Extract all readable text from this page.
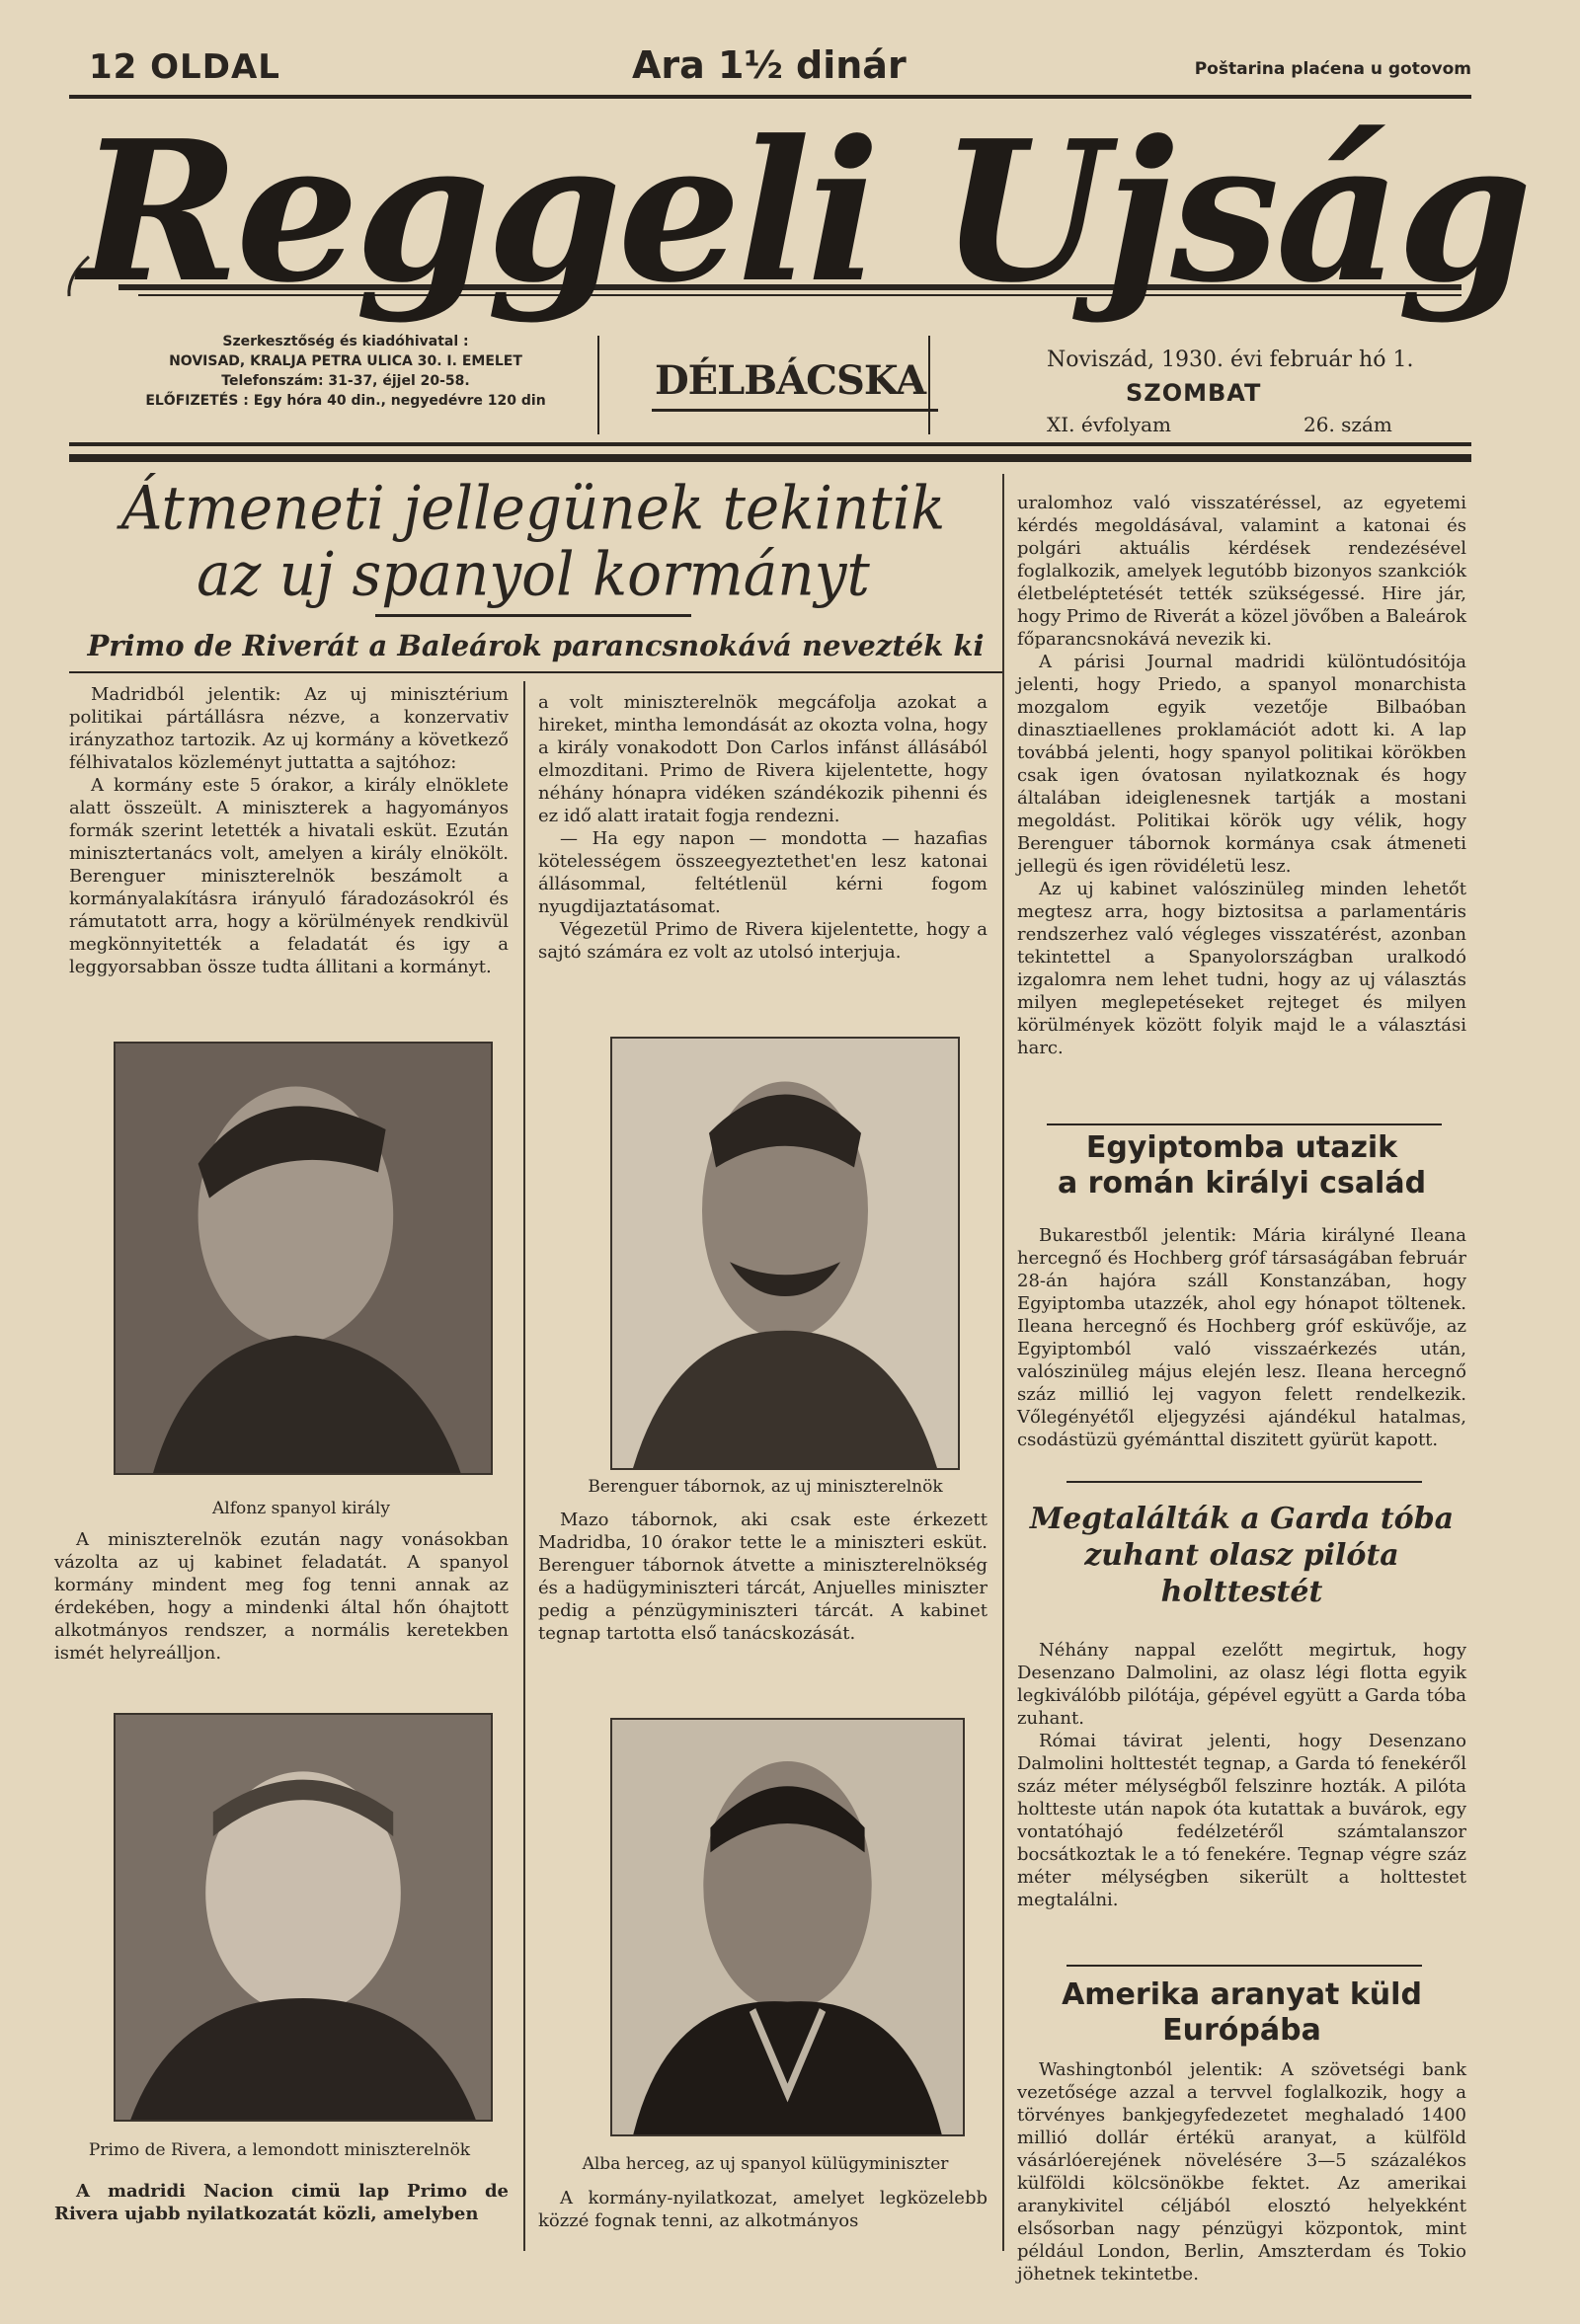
12 OLDAL	Ara 1½ dinár	Poštarina plaćena u gotovom
Reggeli Ujság
Szerkesztőség és kiadóhivatal :
NOVISAD, KRALJA PETRA ULICA 30. I. EMELET
Telefonszám: 31-37, éjjel 20-58.
ELŐFIZETÉS : Egy hóra 40 din., negyedévre 120 din	DÉLBÁCSKA	Noviszád, 1930. évi február hó 1.
SZOMBAT
XI. évfolyam	26. szám
Átmeneti jellegünek tekintik
az uj spanyol kormányt
Primo de Riverát a Baleárok parancsnokává nevezték ki

Madridból jelentik: Az uj minisztérium politikai pártállásra nézve, a konzervativ irányzathoz tartozik. Az uj kormány a következő félhivatalos közleményt juttatta a sajtóhoz:

A kormány este 5 órakor, a király elnöklete alatt összeült. A miniszterek a hagyományos formák szerint letették a hivatali esküt. Ezután minisztertanács volt, amelyen a király elnökölt. Berenguer miniszterelnök beszámolt a kormányalakításra irányuló fáradozásokról és rámutatott arra, hogy a körülmények rendkivül megkönnyitették a feladatát és igy a leggyorsabban össze tudta állitani a kormányt.

a volt miniszterelnök megcáfolja azokat a hireket, mintha lemondását az okozta volna, hogy a király vonakodott Don Carlos infánst állásából elmozditani. Primo de Rivera kijelentette, hogy néhány hónapra vidéken szándékozik pihenni és ez idő alatt iratait fogja rendezni.

— Ha egy napon — mondotta — hazafias kötelességem összeegyeztethet'en lesz katonai állásommal, feltétlenül kérni fogom nyugdijaztatásomat.

Végezetül Primo de Rivera kijelentette, hogy a sajtó számára ez volt az utolsó interjuja.

uralomhoz való visszatéréssel, az egyetemi kérdés megoldásával, valamint a katonai és polgári aktuális kérdések rendezésével foglalkozik, amelyek legutóbb bizonyos szankciók életbeléptetését tették szükségessé. Hire jár, hogy Primo de Riverát a közel jövőben a Baleárok főparancsnokává nevezik ki.

A párisi Journal madridi különtudósitója jelenti, hogy Priedo, a spanyol monarchista mozgalom egyik vezetője Bilbaóban dinasztiaellenes proklamációt adott ki. A lap továbbá jelenti, hogy spanyol politikai körökben csak igen óvatosan nyilatkoznak és hogy általában ideiglenesnek tartják a mostani megoldást. Politikai körök ugy vélik, hogy Berenguer tábornok kormánya csak átmeneti jellegü és igen rövidéletü lesz.

Az uj kabinet valószinüleg minden lehetőt megtesz arra, hogy biztositsa a parlamentáris rendszerhez való végleges visszatérést, azonban tekintettel a Spanyolországban uralkodó izgalomra nem lehet tudni, hogy az uj választás milyen meglepetéseket rejteget és milyen körülmények között folyik majd le a választási harc.

Alfonz spanyol király
Berenguer tábornok, az uj miniszterelnök
Primo de Rivera, a lemondott miniszterelnök
Alba herceg, az uj spanyol külügyminiszter

A miniszterelnök ezután nagy vonásokban vázolta az uj kabinet feladatát. A spanyol kormány mindent meg fog tenni annak az érdekében, hogy a mindenki által hőn óhajtott alkotmányos rendszer, a normális keretekben ismét helyreálljon.

A madridi Nacion cimü lap Primo de Rivera ujabb nyilatkozatát közli, amelyben

Mazo tábornok, aki csak este érkezett Madridba, 10 órakor tette le a miniszteri esküt. Berenguer tábornok átvette a miniszterelnökség és a hadügyminiszteri tárcát, Anjuelles miniszter pedig a pénzügyminiszteri tárcát. A kabinet tegnap tartotta első tanácskozását.

A kormány-nyilatkozat, amelyet legközelebb közzé fognak tenni, az alkotmányos

Egyiptomba utazik
a román királyi család

Bukarestből jelentik: Mária királyné Ileana hercegnő és Hochberg gróf társaságában február 28-án hajóra száll Konstanzában, hogy Egyiptomba utazzék, ahol egy hónapot töltenek. Ileana hercegnő és Hochberg gróf esküvője, az Egyiptomból való visszaérkezés után, valószinüleg május elején lesz. Ileana hercegnő száz millió lej vagyon felett rendelkezik. Vőlegényétől eljegyzési ajándékul hatalmas, csodástüzü gyémánttal diszitett gyürüt kapott.

Megtalálták a Garda tóba
zuhant olasz pilóta
holttestét

Néhány nappal ezelőtt megirtuk, hogy Desenzano Dalmolini, az olasz légi flotta egyik legkiválóbb pilótája, gépével együtt a Garda tóba zuhant.

Római távirat jelenti, hogy Desenzano Dalmolini holttestét tegnap, a Garda tó fenekéről száz méter mélységből felszinre hozták. A pilóta holtteste után napok óta kutattak a buvárok, egy vontatóhajó fedélzetéről számtalanszor bocsátkoztak le a tó fenekére. Tegnap végre száz méter mélységben sikerült a holttestet megtalálni.

Amerika aranyat küld
Európába

Washingtonból jelentik: A szövetségi bank vezetősége azzal a tervvel foglalkozik, hogy a törvényes bankjegyfedezetet meghaladó 1400 millió dollár értékü aranyat, a külföld vásárlóerejének növelésére 3—5 százalékos külföldi kölcsönökbe fektet. Az amerikai aranykivitel céljából elosztó helyekként elsősorban nagy pénzügyi központok, mint például London, Berlin, Amszterdam és Tokio jöhetnek tekintetbe.
